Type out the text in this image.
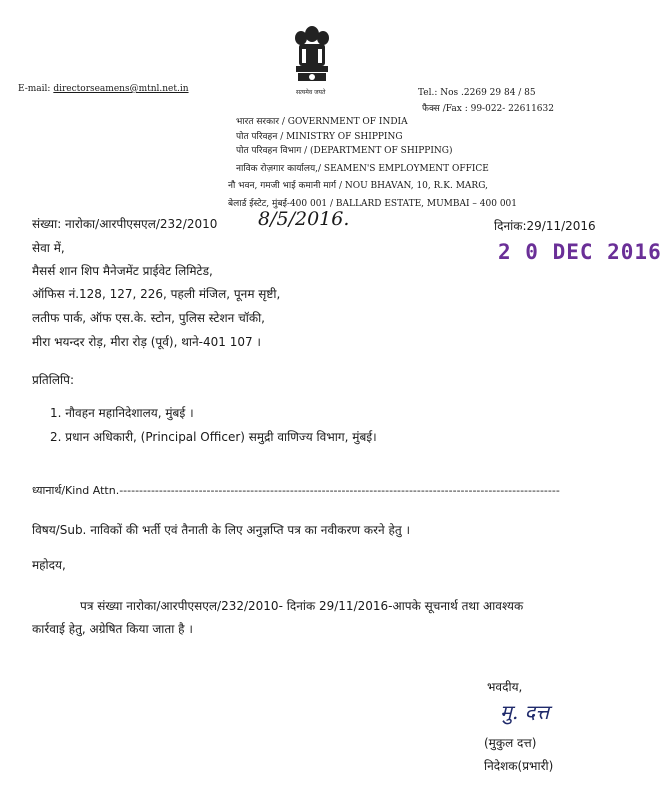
सत्यमेव जयते
E-mail: directorseamens@mtnl.net.in	Tel.: Nos .2269 29 84 / 85
फैक्स /Fax : 99-022- 22611632
भारत सरकार / GOVERNMENT OF INDIA
पोत परिवहन / MINISTRY OF SHIPPING
पोत परिवहन विभाग / (DEPARTMENT OF SHIPPING)
नाविक रोज़गार कार्यालय,/ SEAMEN'S EMPLOYMENT OFFICE
नौ भवन, गमजी भाई कमानी मार्ग / NOU BHAVAN, 10, R.K. MARG,
बेलार्ड ईस्टेट, मुंबई-400 001 / BALLARD ESTATE, MUMBAI – 400 001
संख्या: नारोका/आरपीएसएल/232/2010 8/5/2016.	दिनांक:29/11/2016
2 0 DEC 2016
सेवा में,
मैसर्स शान शिप मैनेजमेंट प्राईवेट लिमिटेड,
ऑफिस नं.128, 127, 226, पहली मंजिल, पूनम सृष्टी,
लतीफ पार्क, ऑफ एस.के. स्टोन, पुलिस स्टेशन चॉकी,
मीरा भयन्दर रोड़, मीरा रोड़ (पूर्व), थाने-401 107 ।
प्रतिलिपि:
1. नौवहन महानिदेशालय, मुंबई ।
2. प्रधान अधिकारी, (Principal Officer) समुद्री वाणिज्य विभाग, मुंबई।
ध्यानार्थ/Kind Attn.---------------------------------------------------------------------------------------------------------------
विषय/Sub. नाविकों की भर्ती एवं तैनाती के लिए अनुज्ञप्ति पत्र का नवीकरण करने हेतु ।
महोदय,
पत्र संख्या नारोका/आरपीएसएल/232/2010- दिनांक 29/11/2016-आपके सूचनार्थ तथा आवश्यक
कार्रवाई हेतु, अग्रेषित किया जाता है ।
भवदीय,
मु. दत्त
(मुकुल दत्त)
निदेशक(प्रभारी)
